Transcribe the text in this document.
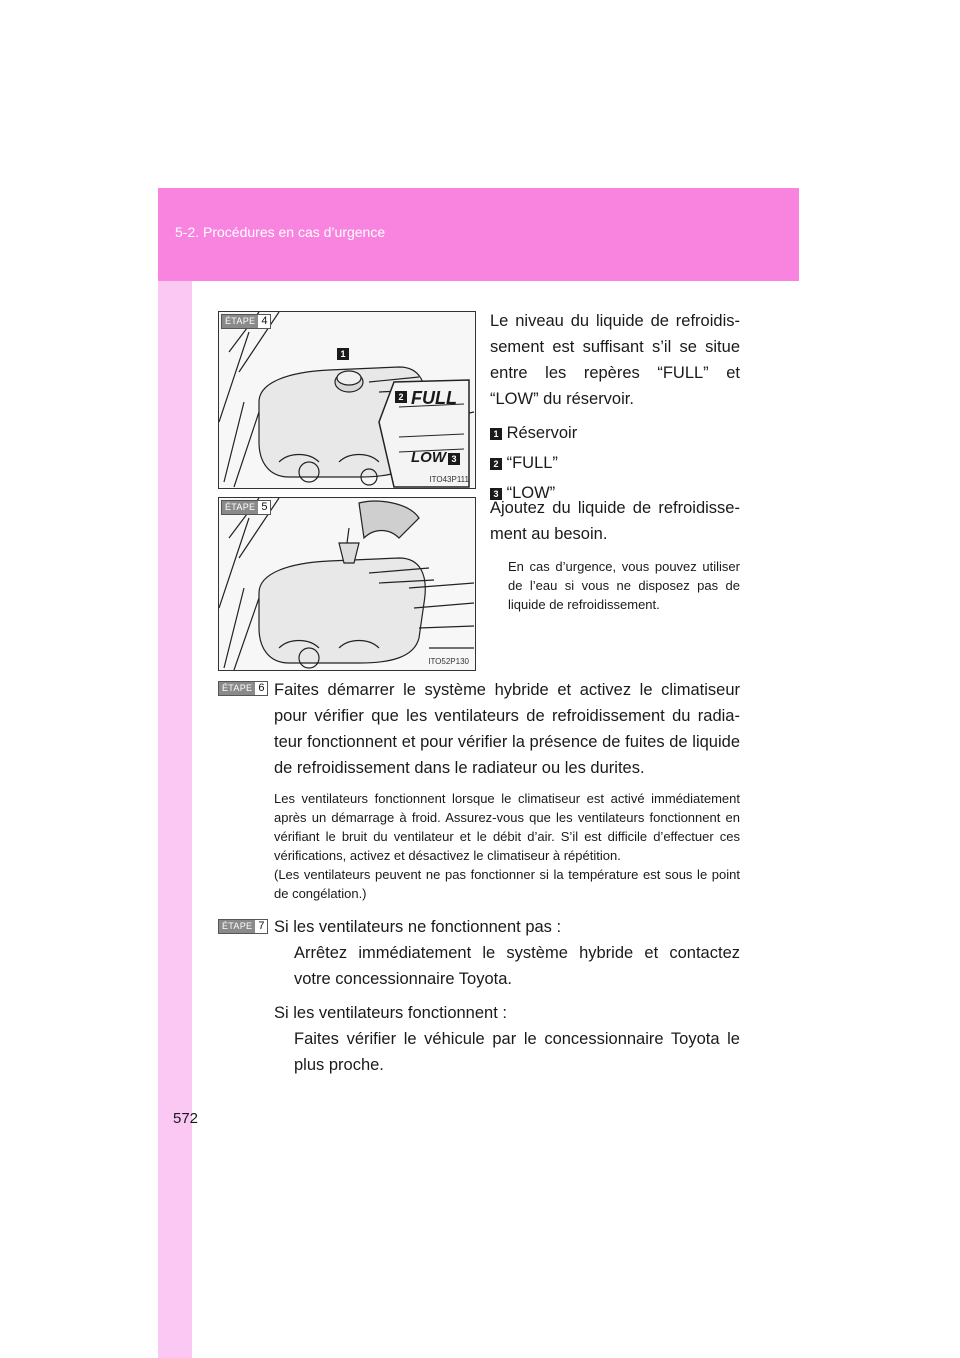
5-2. Procédures en cas d’urgence
1
2 FULL
LOW 3
ITO43P111
ÉTAPE 4
ITO52P130
ÉTAPE 5
Le niveau du liquide de refroidissement est suffisant s’il se situe entre les repères “FULL” et “LOW” du réservoir.
1 Réservoir
2 “FULL”
3 “LOW”
Ajoutez du liquide de refroidissement au besoin.
En cas d’urgence, vous pouvez utiliser de l’eau si vous ne disposez pas de liquide de refroidissement.
ÉTAPE 6 Faites démarrer le système hybride et activez le climatiseur pour vérifier que les ventilateurs de refroidissement du radiateur fonctionnent et pour vérifier la présence de fuites de liquide de refroidissement dans le radiateur ou les durites.
Les ventilateurs fonctionnent lorsque le climatiseur est activé immédiatement après un démarrage à froid. Assurez-vous que les ventilateurs fonctionnent en vérifiant le bruit du ventilateur et le débit d’air. S’il est difficile d’effectuer ces vérifications, activez et désactivez le climatiseur à répétition.
(Les ventilateurs peuvent ne pas fonctionner si la température est sous le point de congélation.)
ÉTAPE 7 Si les ventilateurs ne fonctionnent pas :
Arrêtez immédiatement le système hybride et contactez votre concessionnaire Toyota.
Si les ventilateurs fonctionnent :
Faites vérifier le véhicule par le concessionnaire Toyota le plus proche.
572
